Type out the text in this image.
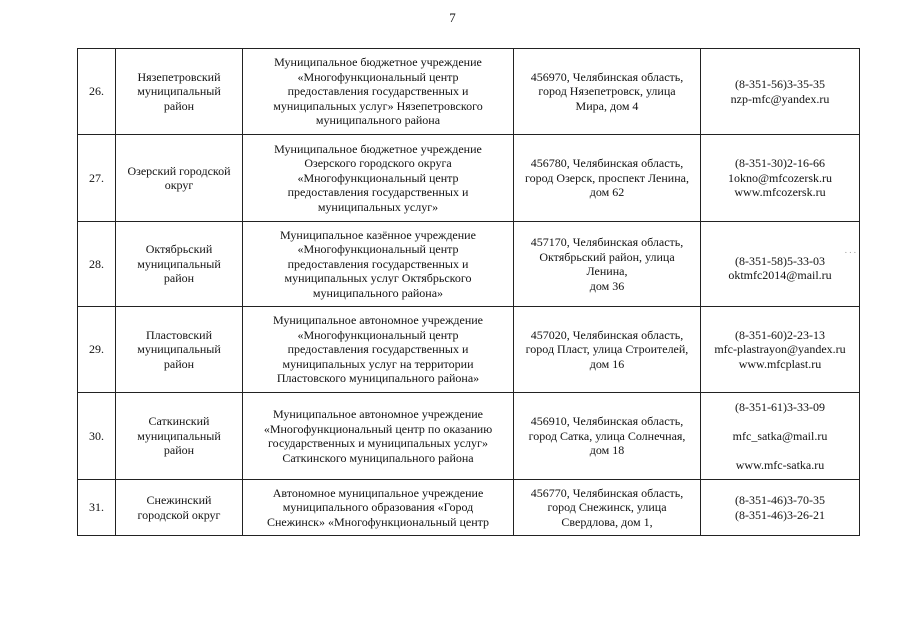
7
26.	Нязепетровский
муниципальный
район	Муниципальное бюджетное учреждение
«Многофункциональный центр
предоставления государственных и
муниципальных услуг» Нязепетровского
муниципального района	456970, Челябинская область,
город Нязепетровск, улица
Мира, дом 4	(8-351-56)3-35-35
nzp-mfc@yandex.ru

27.	Озерский городской
округ	Муниципальное бюджетное учреждение
Озерского городского округа
«Многофункциональный центр
предоставления государственных и
муниципальных услуг»	456780, Челябинская область,
город Озерск, проспект Ленина,
дом 62	(8-351-30)2-16-66
1okno@mfcozersk.ru
www.mfcozersk.ru

28.	Октябрьский
муниципальный
район	Муниципальное казённое учреждение
«Многофункциональный центр
предоставления государственных и
муниципальных услуг Октябрьского
муниципального района»	457170, Челябинская область,
Октябрьский район, улица
Ленина,
дом 36	. . .
(8-351-58)5-33-03
oktmfc2014@mail.ru

29.	Пластовский
муниципальный
район	Муниципальное автономное учреждение
«Многофункциональный центр
предоставления государственных и
муниципальных услуг на территории
Пластовского муниципального района»	457020, Челябинская область,
город Пласт, улица Строителей,
дом 16	(8-351-60)2-23-13
mfc-plastrayon@yandex.ru
www.mfcplast.ru

30.	Саткинский
муниципальный
район	Муниципальное автономное учреждение
«Многофункциональный центр по оказанию
государственных и муниципальных услуг»
Саткинского муниципального района	456910, Челябинская область,
город Сатка, улица Солнечная,
дом 18	(8-351-61)3-33-09

mfc_satka@mail.ru

www.mfc-satka.ru

31.	Снежинский
городской округ	Автономное муниципальное учреждение
муниципального образования «Город
Снежинск» «Многофункциональный центр	456770, Челябинская область,
город Снежинск, улица
Свердлова, дом 1,	(8-351-46)3-70-35
(8-351-46)3-26-21
